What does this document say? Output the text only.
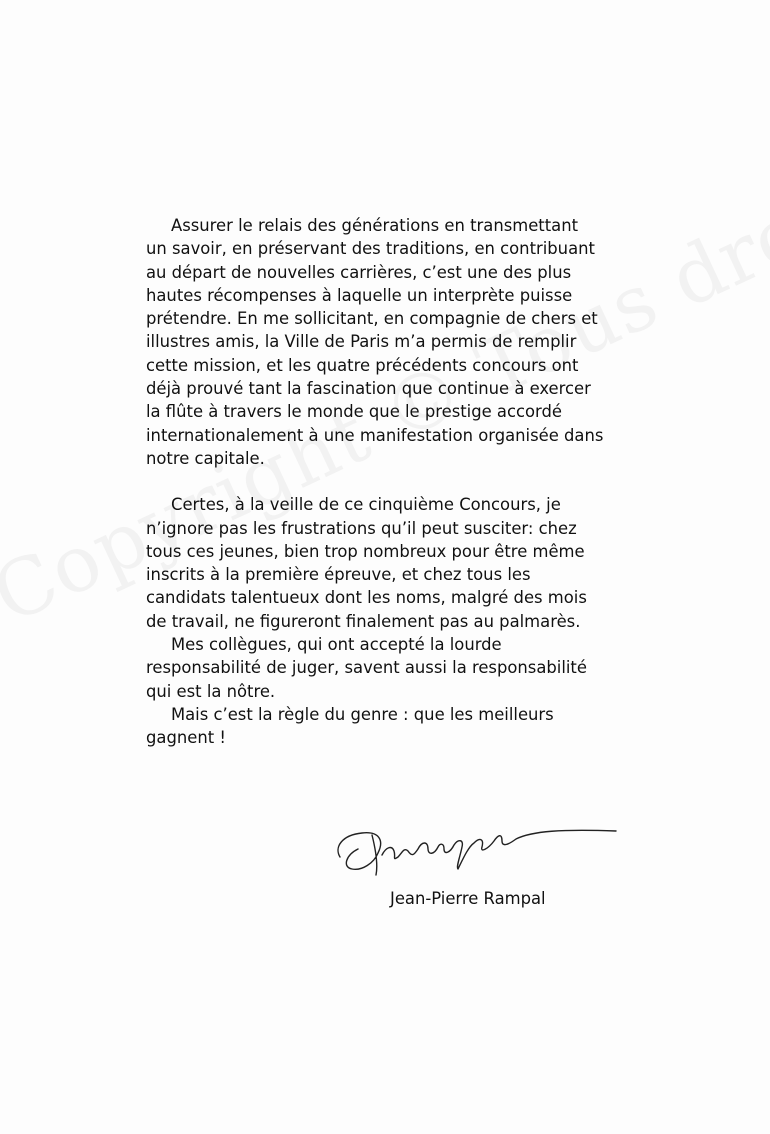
Assurer le relais des générations en transmettant
un savoir, en préservant des traditions, en contribuant
au départ de nouvelles carrières, c’est une des plus
hautes récompenses à laquelle un interprète puisse
prétendre. En me sollicitant, en compagnie de chers et
illustres amis, la Ville de Paris m’a permis de remplir
cette mission, et les quatre précédents concours ont
déjà prouvé tant la fascination que continue à exercer
la flûte à travers le monde que le prestige accordé
internationalement à une manifestation organisée dans
notre capitale.
Certes, à la veille de ce cinquième Concours, je
n’ignore pas les frustrations qu’il peut susciter: chez
tous ces jeunes, bien trop nombreux pour être même
inscrits à la première épreuve, et chez tous les
candidats talentueux dont les noms, malgré des mois
de travail, ne figureront finalement pas au palmarès.
Mes collègues, qui ont accepté la lourde
responsabilité de juger, savent aussi la responsabilité
qui est la nôtre.
Mais c’est la règle du genre : que les meilleurs
gagnent !
Jean-Pierre Rampal
